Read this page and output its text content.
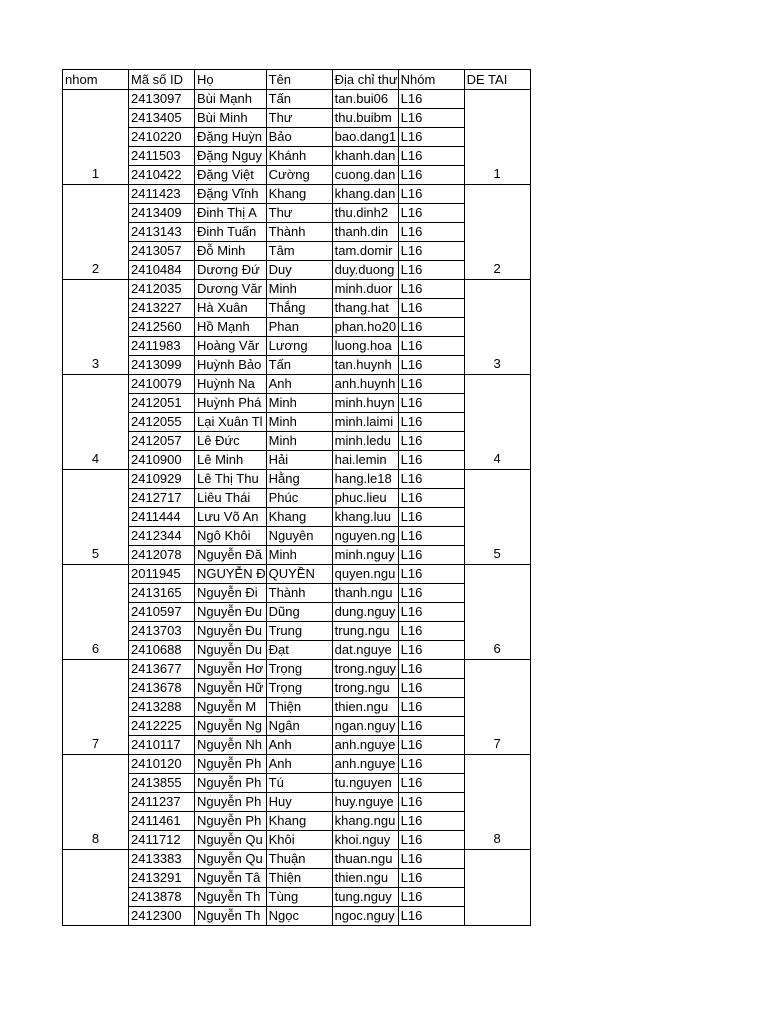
nhom	Mã số ID	Họ	Tên	Địa chỉ thư	Nhóm	DE TAI
1	2413097	Bùi Mạnh	Tấn	tan.bui06	L16	1
	2413405	Bùi Minh	Thư	thu.buibm	L16	
	2410220	Đặng Huỳn	Bảo	bao.dang1	L16	
	2411503	Đặng Nguy	Khánh	khanh.dan	L16	
	2410422	Đặng Việt	Cường	cuong.dan	L16	
2	2411423	Đặng Vĩnh	Khang	khang.dan	L16	2
	2413409	Đinh Thị A	Thư	thu.dinh2	L16	
	2413143	Đinh Tuấn	Thành	thanh.din	L16	
	2413057	Đỗ Minh	Tâm	tam.domir	L16	
	2410484	Dương Đứ	Duy	duy.duong	L16	
3	2412035	Dương Văr	Minh	minh.duor	L16	3
	2413227	Hà Xuân	Thắng	thang.hat	L16	
	2412560	Hồ Mạnh	Phan	phan.ho20	L16	
	2411983	Hoàng Văr	Lương	luong.hoa	L16	
	2413099	Huỳnh Bảo	Tấn	tan.huynh	L16	
4	2410079	Huỳnh Na	Anh	anh.huynh	L16	4
	2412051	Huỳnh Phá	Minh	minh.huyn	L16	
	2412055	Lại Xuân Tl	Minh	minh.laimi	L16	
	2412057	Lê Đức	Minh	minh.ledu	L16	
	2410900	Lê Minh	Hải	hai.lemin	L16	
5	2410929	Lê Thị Thu	Hằng	hang.le18	L16	5
	2412717	Liêu Thái	Phúc	phuc.lieu	L16	
	2411444	Lưu Võ An	Khang	khang.luu	L16	
	2412344	Ngô Khôi	Nguyên	nguyen.ng	L16	
	2412078	Nguyễn Đă	Minh	minh.nguy	L16	
6	2011945	NGUYỄN Đ	QUYỀN	quyen.ngu	L16	6
	2413165	Nguyễn Đi	Thành	thanh.ngu	L16	
	2410597	Nguyễn Đu	Dũng	dung.nguy	L16	
	2413703	Nguyễn Đu	Trung	trung.ngu	L16	
	2410688	Nguyễn Du	Đạt	dat.nguye	L16	
7	2413677	Nguyễn Hơ	Trọng	trong.nguy	L16	7
	2413678	Nguyễn Hữ	Trọng	trong.ngu	L16	
	2413288	Nguyễn M	Thiện	thien.ngu	L16	
	2412225	Nguyễn Ng	Ngân	ngan.nguy	L16	
	2410117	Nguyễn Nh	Anh	anh.nguye	L16	
8	2410120	Nguyễn Ph	Anh	anh.nguye	L16	8
	2413855	Nguyễn Ph	Tú	tu.nguyen	L16	
	2411237	Nguyễn Ph	Huy	huy.nguye	L16	
	2411461	Nguyễn Ph	Khang	khang.ngu	L16	
	2411712	Nguyễn Qu	Khôi	khoi.nguy	L16	
	2413383	Nguyễn Qu	Thuận	thuan.ngu	L16	
	2413291	Nguyễn Tâ	Thiện	thien.ngu	L16	
	2413878	Nguyễn Th	Tùng	tung.nguy	L16	
	2412300	Nguyễn Th	Ngọc	ngoc.nguy	L16	
